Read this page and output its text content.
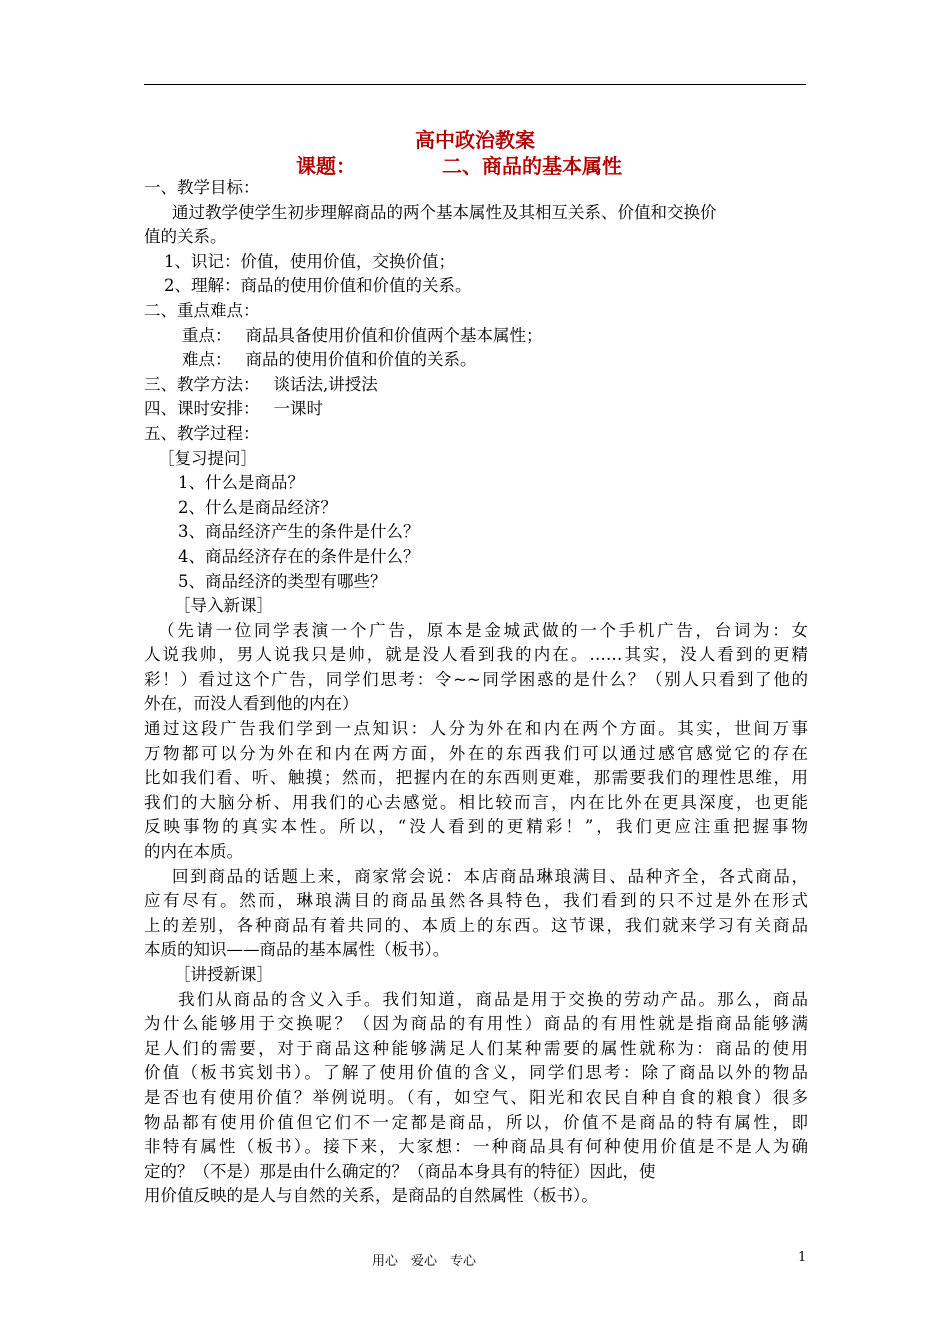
高中政治教案
课题：	二、商品的基本属性
一、教学目标：
通过教学使学生初步理解商品的两个基本属性及其相互关系、价值和交换价
值的关系。
1、识记：价值，使用价值，交换价值；
2、理解：商品的使用价值和价值的关系。
二、重点难点：
重点： 商品具备使用价值和价值两个基本属性；
难点： 商品的使用价值和价值的关系。
三、教学方法： 谈话法,讲授法
四、课时安排： 一课时
五、教学过程：
［复习提问］
1、什么是商品？
2、什么是商品经济？
3、商品经济产生的条件是什么？
4、商品经济存在的条件是什么？
5、商品经济的类型有哪些？
［导入新课］
（先请一位同学表演一个广告，原本是金城武做的一个手机广告，台词为：女
人说我帅，男人说我只是帅，就是没人看到我的内在。……其实，没人看到的更精
彩！）看过这个广告，同学们思考：令~~同学困惑的是什么？（别人只看到了他的
外在，而没人看到他的内在）
通过这段广告我们学到一点知识：人分为外在和内在两个方面。其实，世间万事
万物都可以分为外在和内在两方面，外在的东西我们可以通过感官感觉它的存在
比如我们看、听、触摸；然而，把握内在的东西则更难，那需要我们的理性思维，用
我们的大脑分析、用我们的心去感觉。相比较而言，内在比外在更具深度，也更能
反映事物的真实本性。所以，“没人看到的更精彩！”，我们更应注重把握事物
的内在本质。
回到商品的话题上来，商家常会说：本店商品琳琅满目、品种齐全，各式商品，
应有尽有。然而，琳琅满目的商品虽然各具特色，我们看到的只不过是外在形式
上的差别，各种商品有着共同的、本质上的东西。这节课，我们就来学习有关商品
本质的知识——商品的基本属性（板书）。
［讲授新课］
我们从商品的含义入手。我们知道，商品是用于交换的劳动产品。那么，商品
为什么能够用于交换呢？（因为商品的有用性）商品的有用性就是指商品能够满
足人们的需要，对于商品这种能够满足人们某种需要的属性就称为：商品的使用
价值（板书宾划书）。了解了使用价值的含义，同学们思考：除了商品以外的物品
是否也有使用价值？举例说明。（有，如空气、阳光和农民自种自食的粮食）很多
物品都有使用价值但它们不一定都是商品，所以，价值不是商品的特有属性，即
非特有属性（板书）。接下来，大家想：一种商品具有何种使用价值是不是人为确
定的？（不是）那是由什么确定的？（商品本身具有的特征）因此，使
用价值反映的是人与自然的关系，是商品的自然属性（板书）。
用心　爱心　专心	1
